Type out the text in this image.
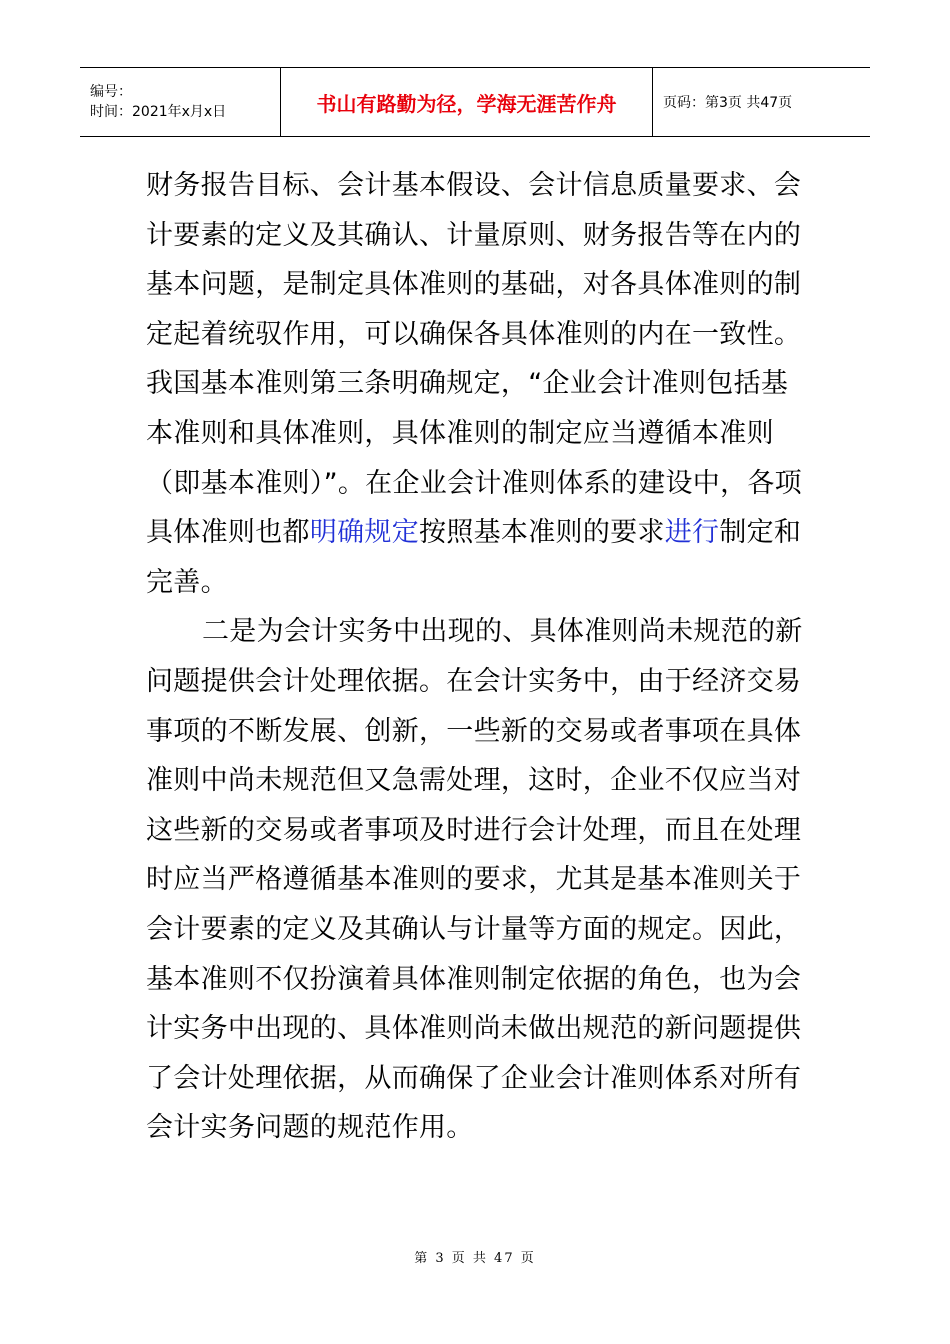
编号：
时间：2021年x月x日	书山有路勤为径，学海无涯苦作舟	页码：第3页 共47页

财务报告目标、会计基本假设、会计信息质量要求、会计要素的定义及其确认、计量原则、财务报告等在内的基本问题，是制定具体准则的基础，对各具体准则的制定起着统驭作用，可以确保各具体准则的内在一致性。我国基本准则第三条明确规定，“企业会计准则包括基本准则和具体准则，具体准则的制定应当遵循本准则（即基本准则）”。在企业会计准则体系的建设中，各项具体准则也都明确规定按照基本准则的要求进行制定和完善。

二是为会计实务中出现的、具体准则尚未规范的新问题提供会计处理依据。在会计实务中，由于经济交易事项的不断发展、创新，一些新的交易或者事项在具体准则中尚未规范但又急需处理，这时，企业不仅应当对这些新的交易或者事项及时进行会计处理，而且在处理时应当严格遵循基本准则的要求，尤其是基本准则关于会计要素的定义及其确认与计量等方面的规定。因此，基本准则不仅扮演着具体准则制定依据的角色，也为会计实务中出现的、具体准则尚未做出规范的新问题提供了会计处理依据，从而确保了企业会计准则体系对所有会计实务问题的规范作用。

第 3 页 共 47 页
